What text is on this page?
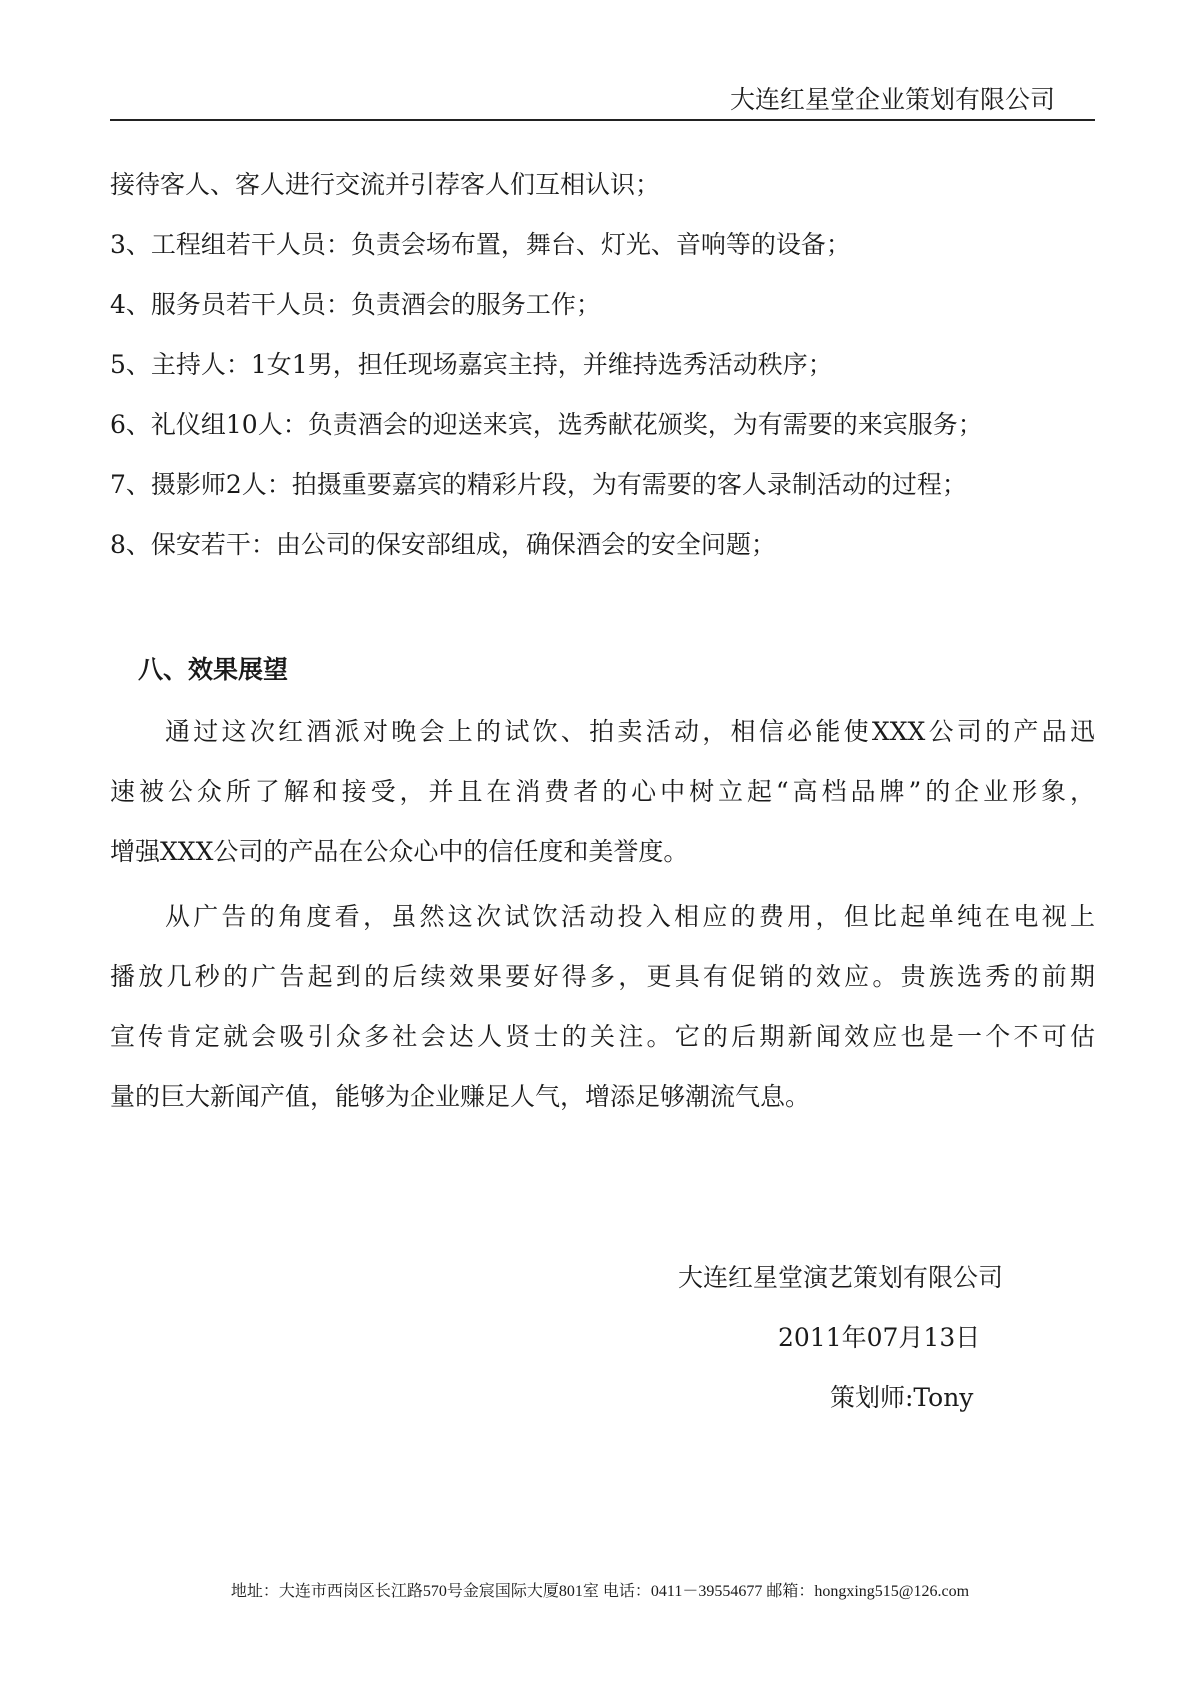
大连红星堂企业策划有限公司
接待客人、客人进行交流并引荐客人们互相认识；
3、工程组若干人员：负责会场布置，舞台、灯光、音响等的设备；
4、服务员若干人员：负责酒会的服务工作；
5、主持人：1女1男，担任现场嘉宾主持，并维持选秀活动秩序；
6、礼仪组10人：负责酒会的迎送来宾，选秀献花颁奖，为有需要的来宾服务；
7、摄影师2人：拍摄重要嘉宾的精彩片段，为有需要的客人录制活动的过程；
8、保安若干：由公司的保安部组成，确保酒会的安全问题；
八、效果展望
通过这次红酒派对晚会上的试饮、拍卖活动，相信必能使XXX公司的产品迅
速被公众所了解和接受，并且在消费者的心中树立起“高档品牌”的企业形象，
增强XXX公司的产品在公众心中的信任度和美誉度。
从广告的角度看，虽然这次试饮活动投入相应的费用，但比起单纯在电视上
播放几秒的广告起到的后续效果要好得多，更具有促销的效应。贵族选秀的前期
宣传肯定就会吸引众多社会达人贤士的关注。它的后期新闻效应也是一个不可估
量的巨大新闻产值，能够为企业赚足人气，增添足够潮流气息。
大连红星堂演艺策划有限公司
2011年07月13日
策划师:Tony
地址：大连市西岗区长江路570号金宸国际大厦801室 电话：0411－39554677 邮箱：hongxing515@126.com
